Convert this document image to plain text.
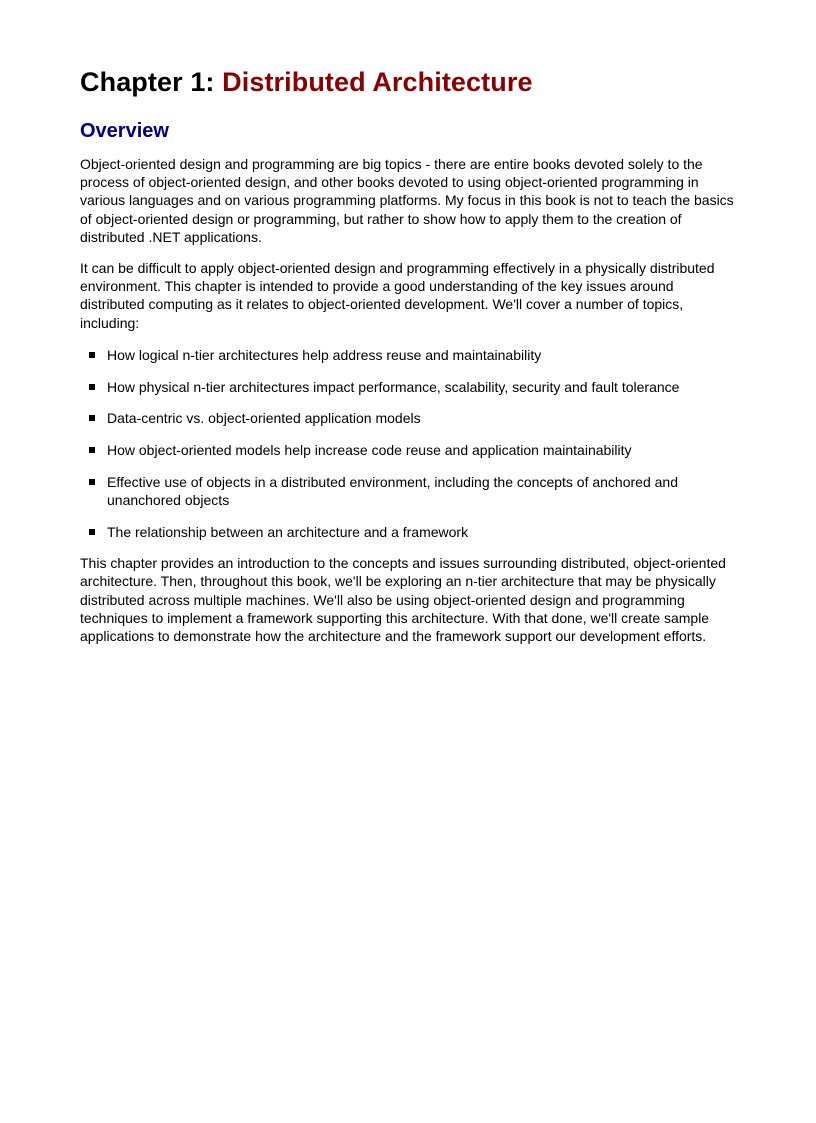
Chapter 1: Distributed Architecture
Overview

Object-oriented design and programming are big topics - there are entire books devoted solely to the process of object-oriented design, and other books devoted to using object-oriented programming in various languages and on various programming platforms. My focus in this book is not to teach the basics of object-oriented design or programming, but rather to show how to apply them to the creation of distributed .NET applications.

It can be difficult to apply object-oriented design and programming effectively in a physically distributed environment. This chapter is intended to provide a good understanding of the key issues around distributed computing as it relates to object-oriented development. We'll cover a number of topics, including:

How logical n-tier architectures help address reuse and maintainability
How physical n-tier architectures impact performance, scalability, security and fault tolerance
Data-centric vs. object-oriented application models
How object-oriented models help increase code reuse and application maintainability
Effective use of objects in a distributed environment, including the concepts of anchored and unanchored objects
The relationship between an architecture and a framework

This chapter provides an introduction to the concepts and issues surrounding distributed, object-oriented architecture. Then, throughout this book, we'll be exploring an n-tier architecture that may be physically distributed across multiple machines. We'll also be using object-oriented design and programming techniques to implement a framework supporting this architecture. With that done, we'll create sample applications to demonstrate how the architecture and the framework support our development efforts.
